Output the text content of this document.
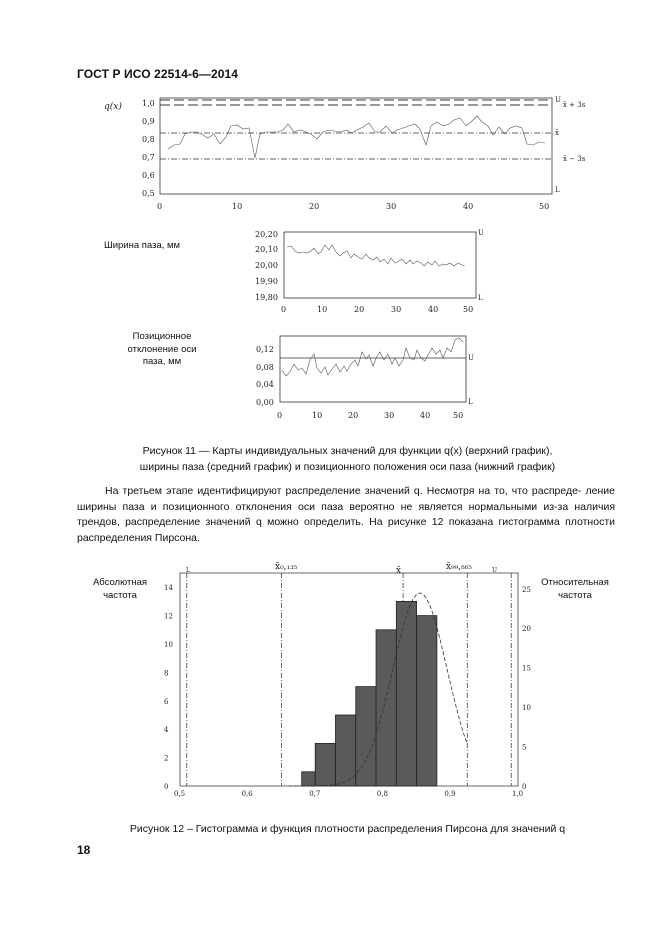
ГОСТ Р ИСО 22514-6—2014
q(x)	1,0
0,9
0,8
0,7
0,6
0,5
0	10	20	30	40	50
U
x̄ + 3s
x̄
x̄ − 3s
L
Ширина паза, мм
20,20
20,10
20,00
19,90
19,80
0	10	20	30	40	50
U
L
Позиционное
отклонение оси
паза, мм
0,12
0,08
0,04
0,00
0	10	20	30	40	50
U
L
Рисунок 11 — Карты индивидуальных значений для функции q(x) (верхний график),
ширины паза (средний график) и позиционного положения оси паза (нижний график)

На третьем этапе идентифицируют распределение значений q. Несмотря на то, что распреде- ление ширины паза и позиционного отклонения оси паза вероятно не является нормальными из-за наличия трендов, распределение значений q можно определить. На рисунке 12 показана гистограмма плотности распределения Пирсона.

Абсолютная
частота
Относительная
частота
14
12
10
8
6
4
2
0
25
20
15
10
5
0
0,5	0,6	0,7	0,8	0,9	1,0
L	x̄₀,₁₃₅	x̄	x̄₉₉,₈₆₅	U
Рисунок 12 – Гистограмма и функция плотности распределения Пирсона для значений q
18
